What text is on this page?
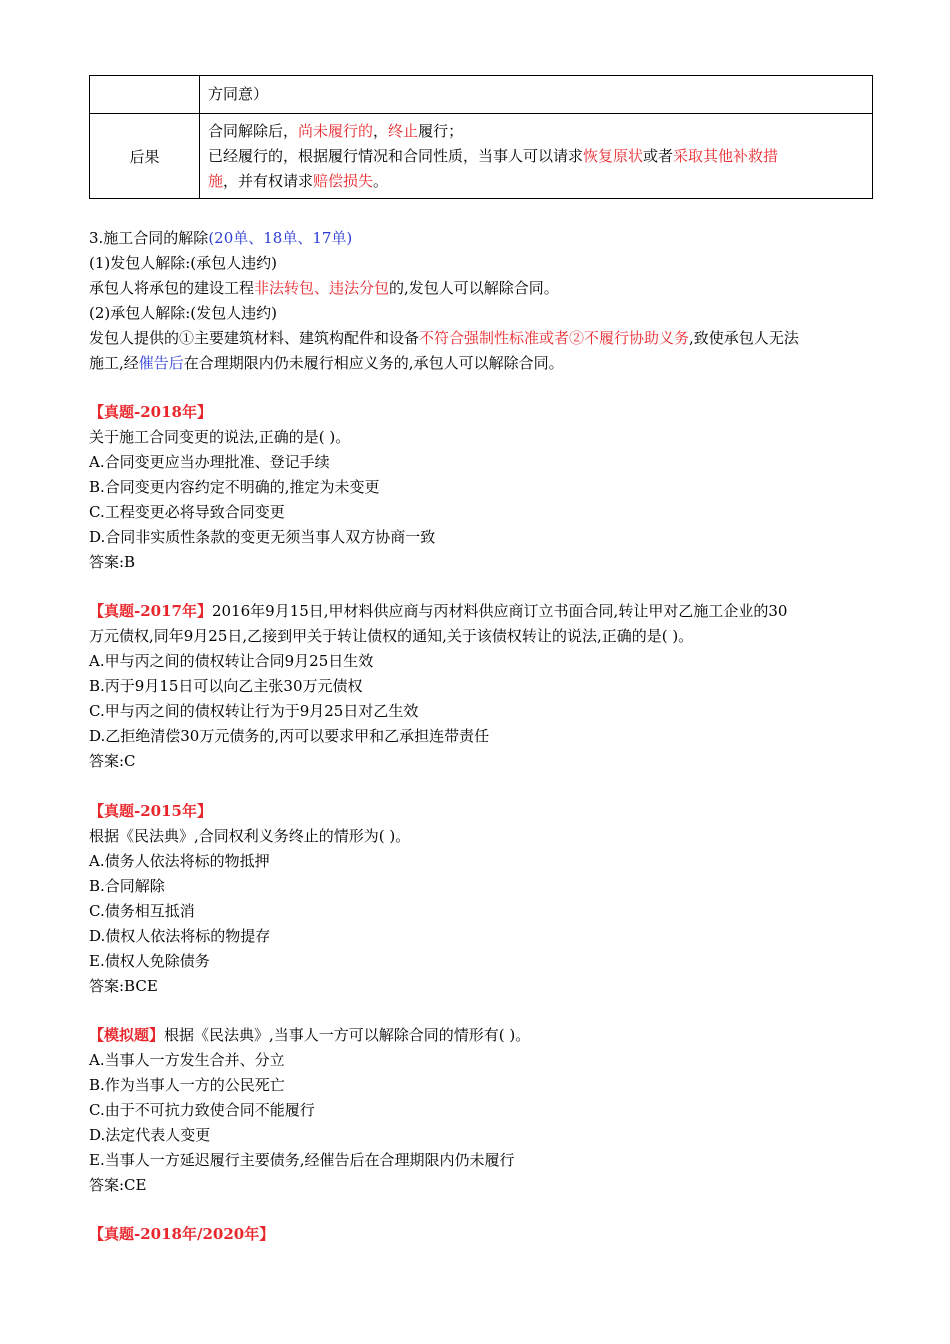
	方同意）
后果	合同解除后，尚未履行的，终止履行；
已经履行的，根据履行情况和合同性质，当事人可以请求恢复原状或者采取其他补救措
施，并有权请求赔偿损失。
3.施工合同的解除(20单、18单、17单)
(1)发包人解除:(承包人违约)
承包人将承包的建设工程非法转包、违法分包的,发包人可以解除合同。
(2)承包人解除:(发包人违约)
发包人提供的①主要建筑材料、建筑构配件和设备不符合强制性标准或者②不履行协助义务,致使承包人无法
施工,经催告后在合理期限内仍未履行相应义务的,承包人可以解除合同。
【真题-2018年】
关于施工合同变更的说法,正确的是( )。
A.合同变更应当办理批准、登记手续
B.合同变更内容约定不明确的,推定为未变更
C.工程变更必将导致合同变更
D.合同非实质性条款的变更无须当事人双方协商一致
答案:B
【真题-2017年】2016年9月15日,甲材料供应商与丙材料供应商订立书面合同,转让甲对乙施工企业的30
万元债权,同年9月25日,乙接到甲关于转让债权的通知,关于该债权转让的说法,正确的是( )。
A.甲与丙之间的债权转让合同9月25日生效
B.丙于9月15日可以向乙主张30万元债权
C.甲与丙之间的债权转让行为于9月25日对乙生效
D.乙拒绝清偿30万元债务的,丙可以要求甲和乙承担连带责任
答案:C
【真题-2015年】
根据《民法典》,合同权利义务终止的情形为( )。
A.债务人依法将标的物抵押
B.合同解除
C.债务相互抵消
D.债权人依法将标的物提存
E.债权人免除债务
答案:BCE
【模拟题】根据《民法典》,当事人一方可以解除合同的情形有( )。
A.当事人一方发生合并、分立
B.作为当事人一方的公民死亡
C.由于不可抗力致使合同不能履行
D.法定代表人变更
E.当事人一方延迟履行主要债务,经催告后在合理期限内仍未履行
答案:CE
【真题-2018年/2020年】
